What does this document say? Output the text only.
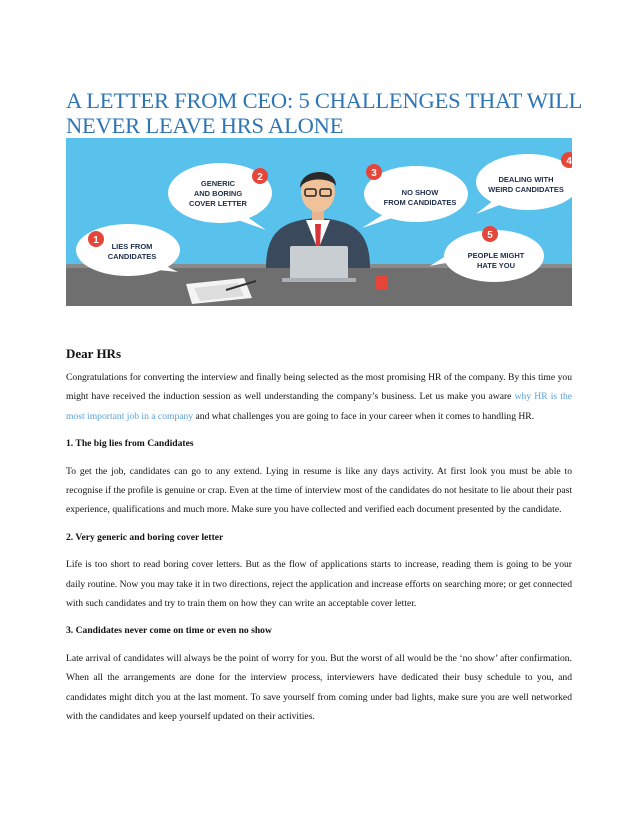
A LETTER FROM CEO: 5 CHALLENGES THAT WILL NEVER LEAVE HRS ALONE
1
LIES FROM
CANDIDATES
2
GENERIC
AND BORING
COVER LETTER
3
NO SHOW
FROM CANDIDATES
4
DEALING WITH
WEIRD CANDIDATES
5
PEOPLE MIGHT
HATE YOU
Dear HRs

Congratulations for converting the interview and finally being selected as the most promising HR of the company. By this time you might have received the induction session as well understanding the company’s business. Let us make you aware why HR is the most important job in a company and what challenges you are going to face in your career when it comes to handling HR.

1. The big lies from Candidates

To get the job, candidates can go to any extend. Lying in resume is like any days activity. At first look you must be able to recognise if the profile is genuine or crap. Even at the time of interview most of the candidates do not hesitate to lie about their past experience, qualifications and much more. Make sure you have collected and verified each document presented by the candidate.

2. Very generic and boring cover letter

Life is too short to read boring cover letters. But as the flow of applications starts to increase, reading them is going to be your daily routine. Now you may take it in two directions, reject the application and increase efforts on searching more; or get connected with such candidates and try to train them on how they can write an acceptable cover letter.

3. Candidates never come on time or even no show

Late arrival of candidates will always be the point of worry for you. But the worst of all would be the ‘no show’ after confirmation. When all the arrangements are done for the interview process, interviewers have dedicated their busy schedule to you, and candidates might ditch you at the last moment. To save yourself from coming under bad lights, make sure you are well networked with the candidates and keep yourself updated on their activities.
